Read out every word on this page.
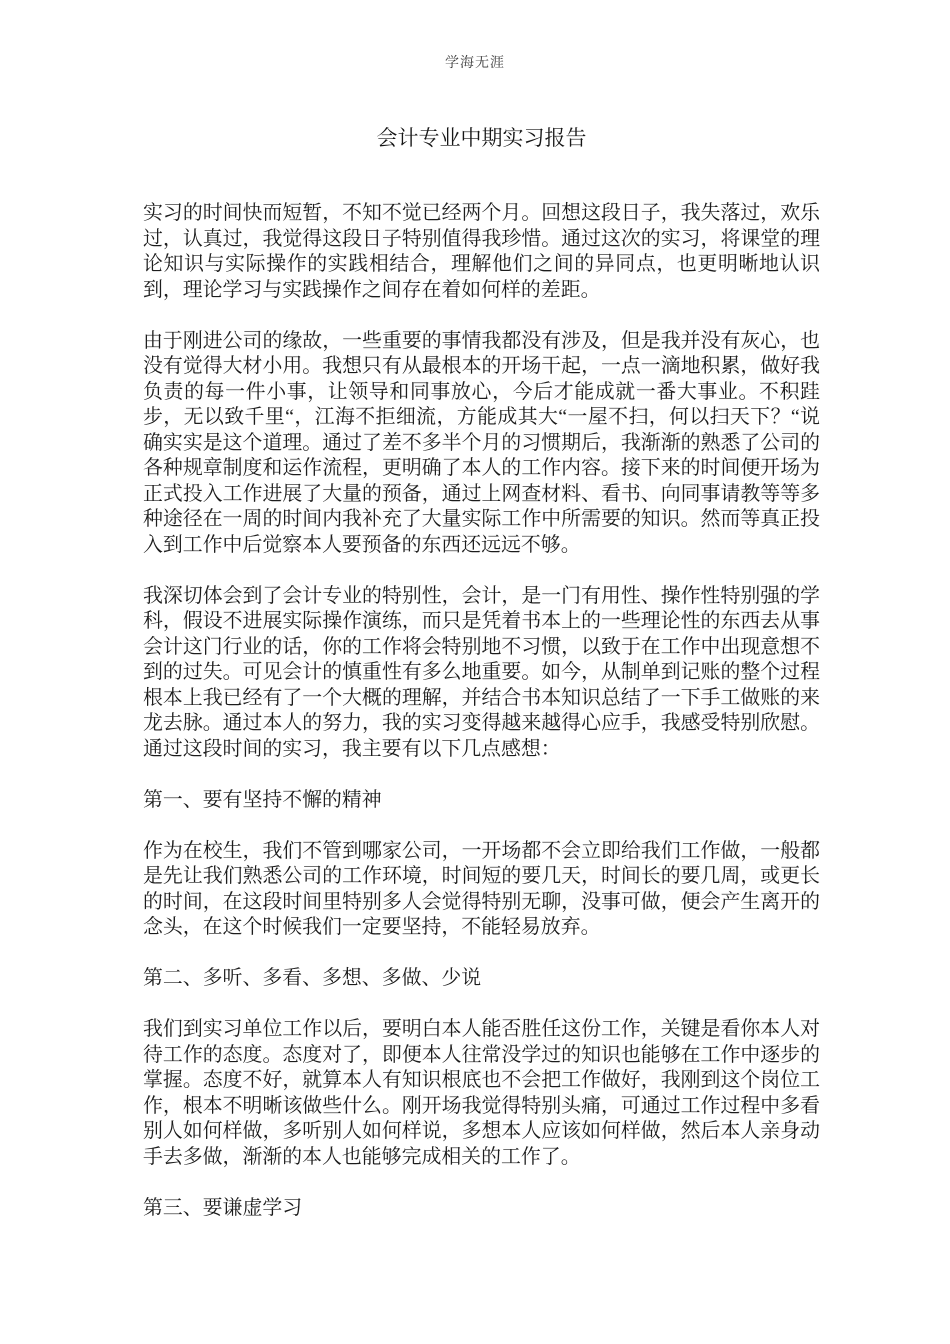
学海无涯
会计专业中期实习报告

实习的时间快而短暂，不知不觉已经两个月。回想这段日子，我失落过，欢乐过，认真过，我觉得这段日子特别值得我珍惜。通过这次的实习，将课堂的理论知识与实际操作的实践相结合，理解他们之间的异同点，也更明晰地认识到，理论学习与实践操作之间存在着如何样的差距。

由于刚进公司的缘故，一些重要的事情我都没有涉及，但是我并没有灰心，也没有觉得大材小用。我想只有从最根本的开场干起，一点一滴地积累，做好我负责的每一件小事，让领导和同事放心，今后才能成就一番大事业。不积跬步，无以致千里“，江海不拒细流，方能成其大“一屋不扫，何以扫天下？“说确实实是这个道理。通过了差不多半个月的习惯期后，我渐渐的熟悉了公司的各种规章制度和运作流程，更明确了本人的工作内容。接下来的时间便开场为正式投入工作进展了大量的预备，通过上网查材料、看书、向同事请教等等多种途径在一周的时间内我补充了大量实际工作中所需要的知识。然而等真正投入到工作中后觉察本人要预备的东西还远远不够。

我深切体会到了会计专业的特别性，会计，是一门有用性、操作性特别强的学科，假设不进展实际操作演练，而只是凭着书本上的一些理论性的东西去从事会计这门行业的话，你的工作将会特别地不习惯，以致于在工作中出现意想不到的过失。可见会计的慎重性有多么地重要。如今，从制单到记账的整个过程根本上我已经有了一个大概的理解，并结合书本知识总结了一下手工做账的来龙去脉。通过本人的努力，我的实习变得越来越得心应手，我感受特别欣慰。通过这段时间的实习，我主要有以下几点感想：

第一、要有坚持不懈的精神

作为在校生，我们不管到哪家公司，一开场都不会立即给我们工作做，一般都是先让我们熟悉公司的工作环境，时间短的要几天，时间长的要几周，或更长的时间，在这段时间里特别多人会觉得特别无聊，没事可做，便会产生离开的念头，在这个时候我们一定要坚持，不能轻易放弃。

第二、多听、多看、多想、多做、少说

我们到实习单位工作以后，要明白本人能否胜任这份工作，关键是看你本人对待工作的态度。态度对了，即便本人往常没学过的知识也能够在工作中逐步的掌握。态度不好，就算本人有知识根底也不会把工作做好，我刚到这个岗位工作，根本不明晰该做些什么。刚开场我觉得特别头痛，可通过工作过程中多看别人如何样做，多听别人如何样说，多想本人应该如何样做，然后本人亲身动手去多做，渐渐的本人也能够完成相关的工作了。

第三、要谦虚学习
